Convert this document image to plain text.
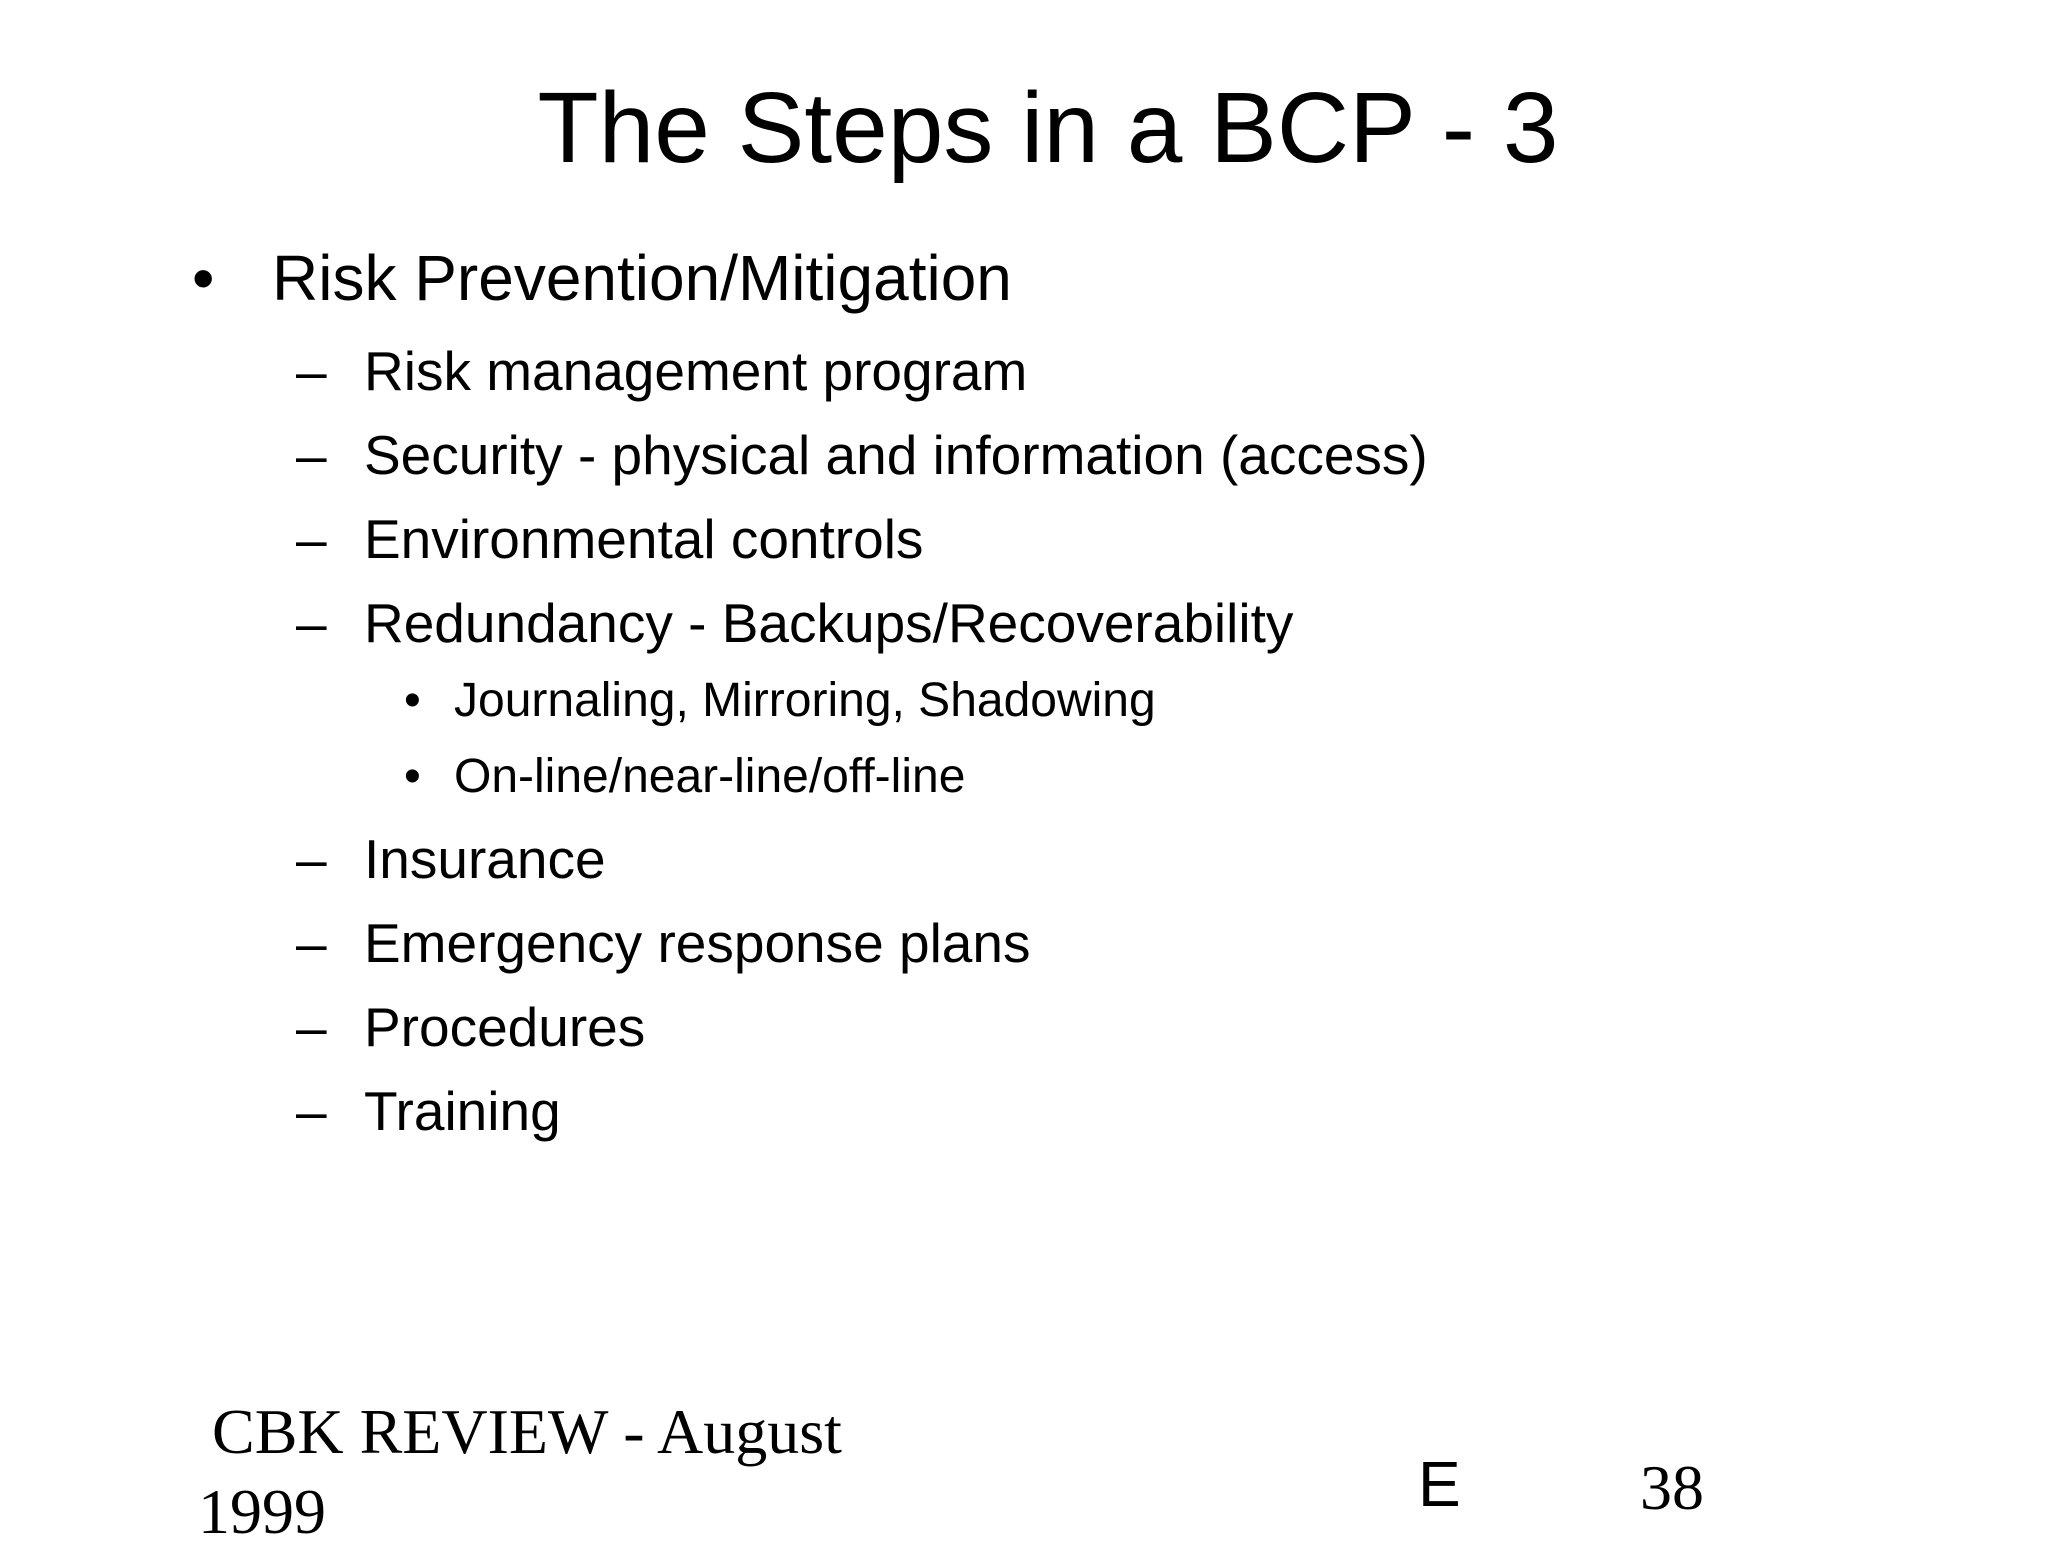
The Steps in a BCP - 3
• Risk Prevention/Mitigation
– Risk management program
– Security - physical and information (access)
– Environmental controls
– Redundancy - Backups/Recoverability
• Journaling, Mirroring, Shadowing
• On-line/near-line/off-line
– Insurance
– Emergency response plans
– Procedures
– Training
CBK REVIEW - August
1999	E	38
